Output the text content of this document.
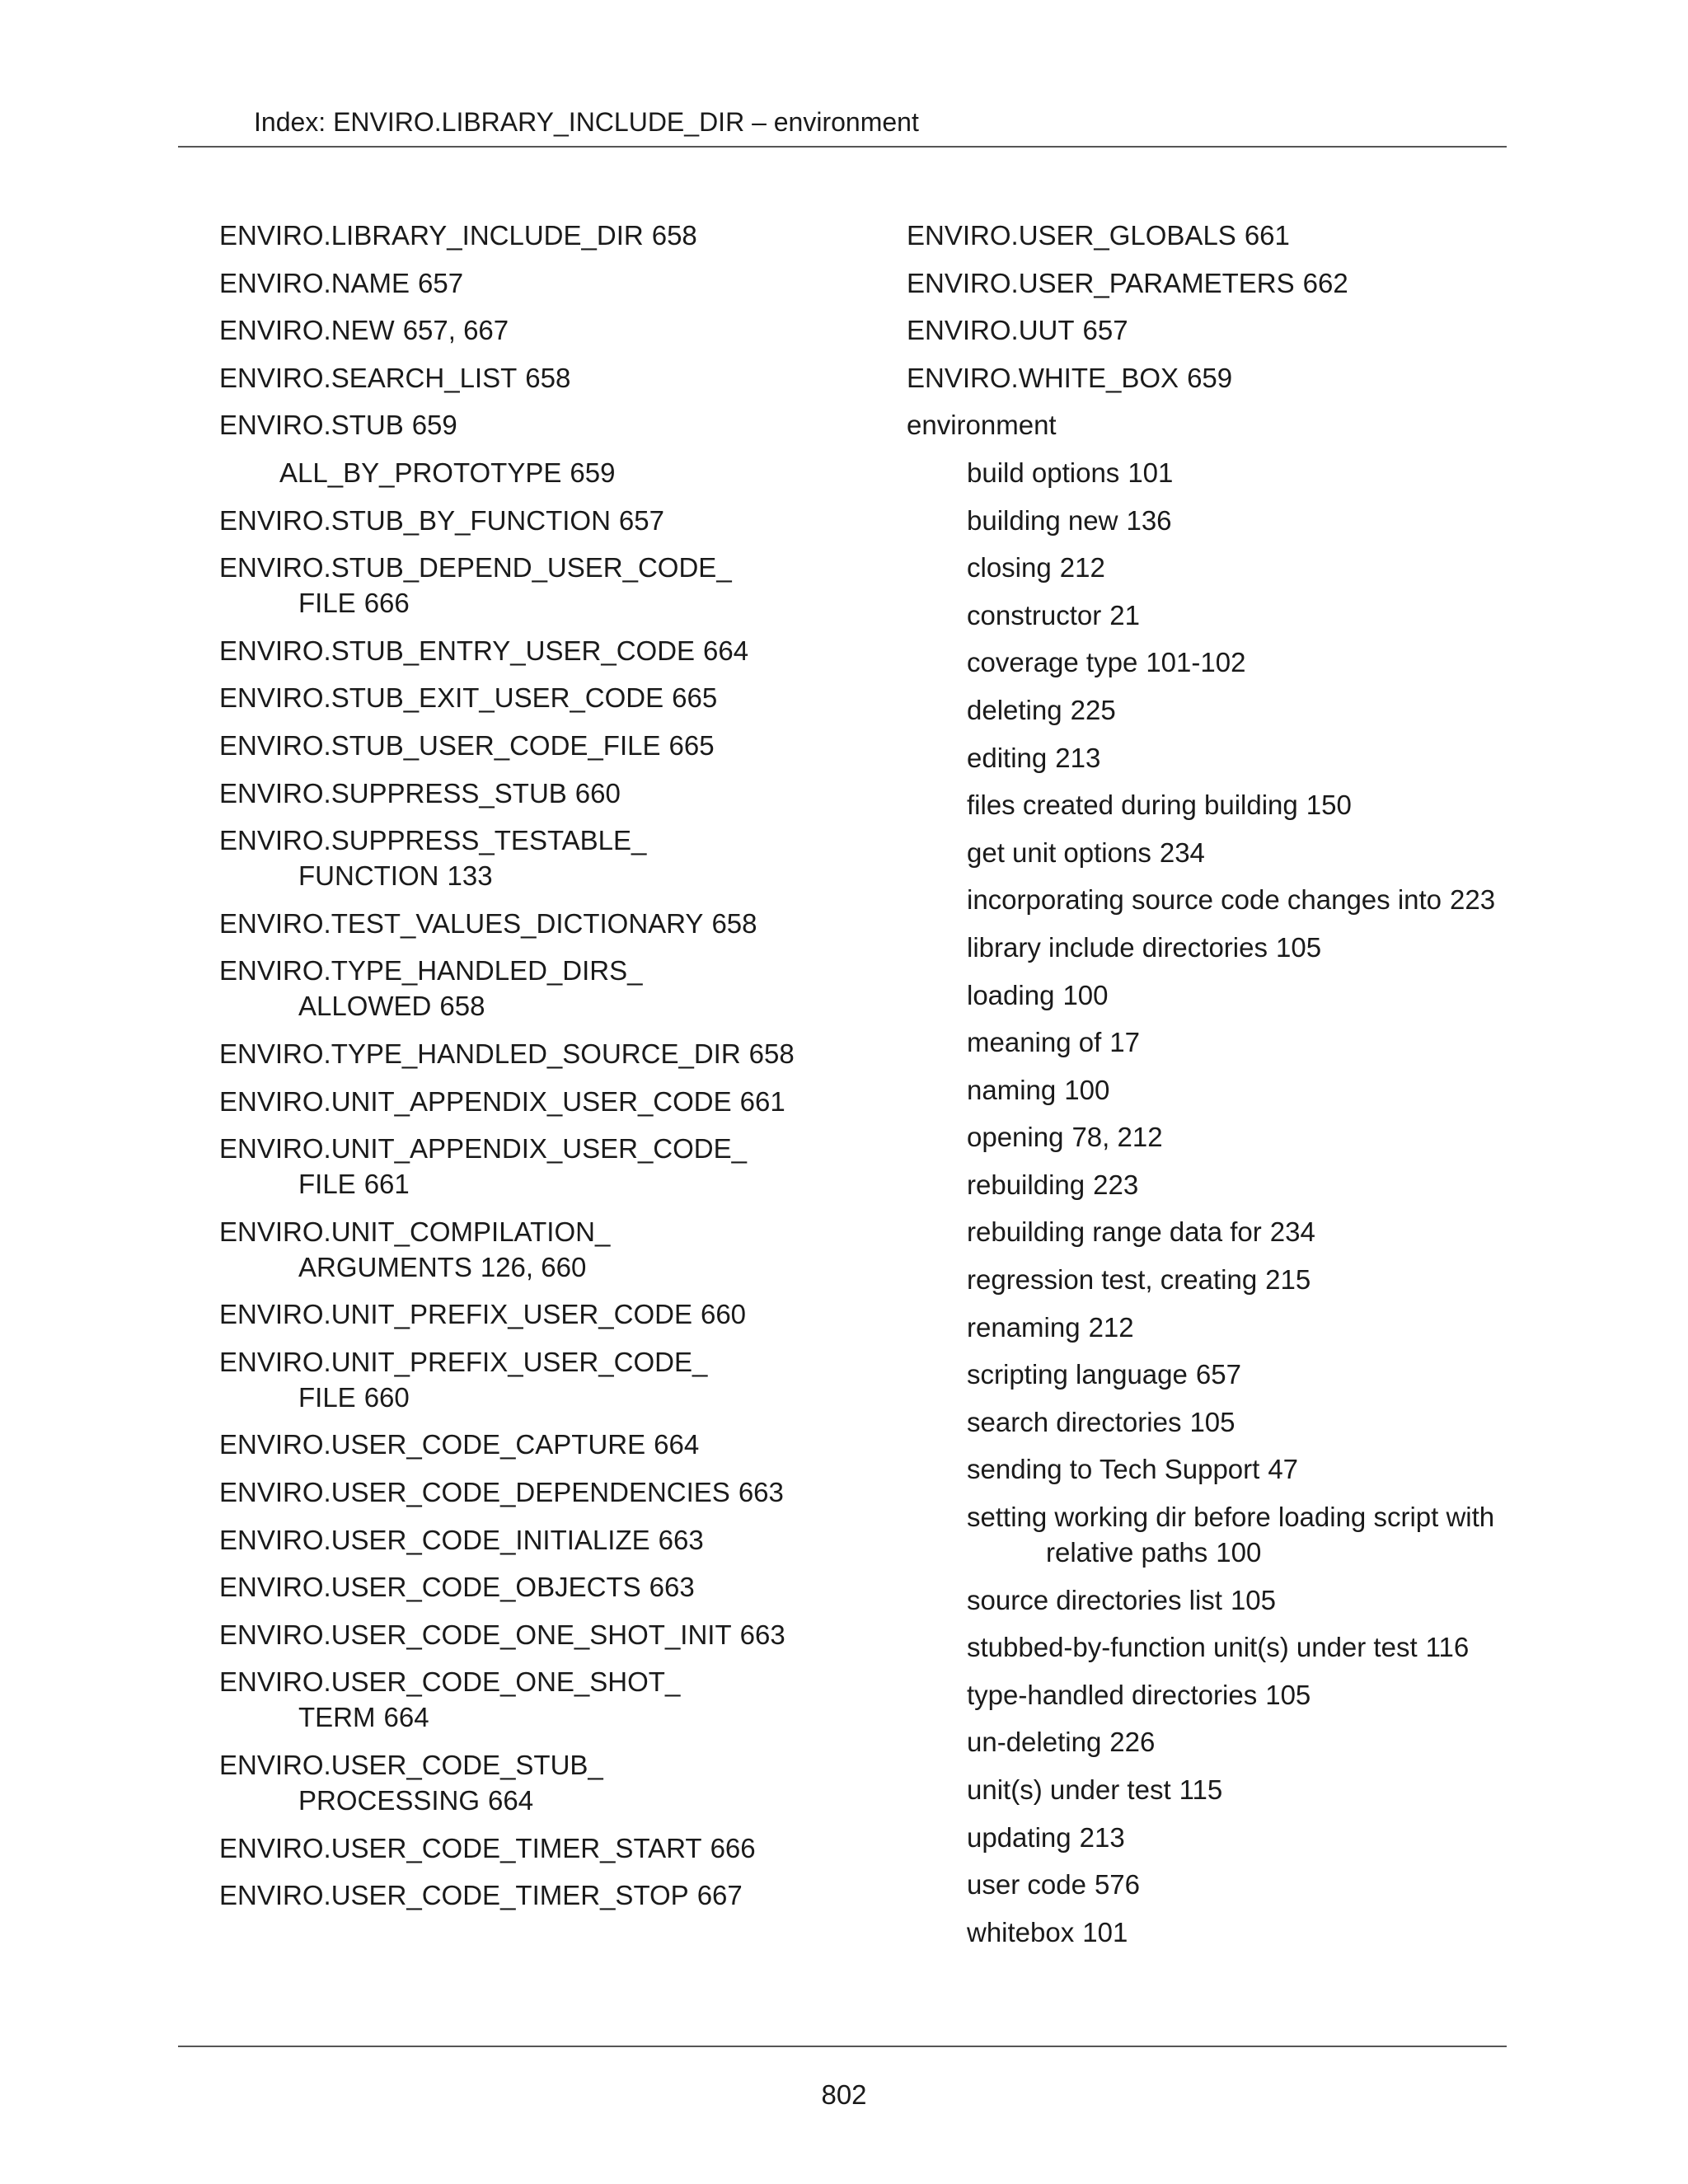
Index: ENVIRO.LIBRARY_INCLUDE_DIR – environment
ENVIRO.LIBRARY_INCLUDE_DIR 658
ENVIRO.NAME 657
ENVIRO.NEW 657, 667
ENVIRO.SEARCH_LIST 658
ENVIRO.STUB 659
ALL_BY_PROTOTYPE 659
ENVIRO.STUB_BY_FUNCTION 657
ENVIRO.STUB_DEPEND_USER_CODE_
FILE 666
ENVIRO.STUB_ENTRY_USER_CODE 664
ENVIRO.STUB_EXIT_USER_CODE 665
ENVIRO.STUB_USER_CODE_FILE 665
ENVIRO.SUPPRESS_STUB 660
ENVIRO.SUPPRESS_TESTABLE_
FUNCTION 133
ENVIRO.TEST_VALUES_DICTIONARY 658
ENVIRO.TYPE_HANDLED_DIRS_
ALLOWED 658
ENVIRO.TYPE_HANDLED_SOURCE_DIR 658
ENVIRO.UNIT_APPENDIX_USER_CODE 661
ENVIRO.UNIT_APPENDIX_USER_CODE_
FILE 661
ENVIRO.UNIT_COMPILATION_
ARGUMENTS 126, 660
ENVIRO.UNIT_PREFIX_USER_CODE 660
ENVIRO.UNIT_PREFIX_USER_CODE_
FILE 660
ENVIRO.USER_CODE_CAPTURE 664
ENVIRO.USER_CODE_DEPENDENCIES 663
ENVIRO.USER_CODE_INITIALIZE 663
ENVIRO.USER_CODE_OBJECTS 663
ENVIRO.USER_CODE_ONE_SHOT_INIT 663
ENVIRO.USER_CODE_ONE_SHOT_
TERM 664
ENVIRO.USER_CODE_STUB_
PROCESSING 664
ENVIRO.USER_CODE_TIMER_START 666
ENVIRO.USER_CODE_TIMER_STOP 667
ENVIRO.USER_GLOBALS 661
ENVIRO.USER_PARAMETERS 662
ENVIRO.UUT 657
ENVIRO.WHITE_BOX 659
environment
build options 101
building new 136
closing 212
constructor 21
coverage type 101-102
deleting 225
editing 213
files created during building 150
get unit options 234
incorporating source code changes into 223
library include directories 105
loading 100
meaning of 17
naming 100
opening 78, 212
rebuilding 223
rebuilding range data for 234
regression test, creating 215
renaming 212
scripting language 657
search directories 105
sending to Tech Support 47
setting working dir before loading script with
relative paths 100
source directories list 105
stubbed-by-function unit(s) under test 116
type-handled directories 105
un-deleting 226
unit(s) under test 115
updating 213
user code 576
whitebox 101
802
